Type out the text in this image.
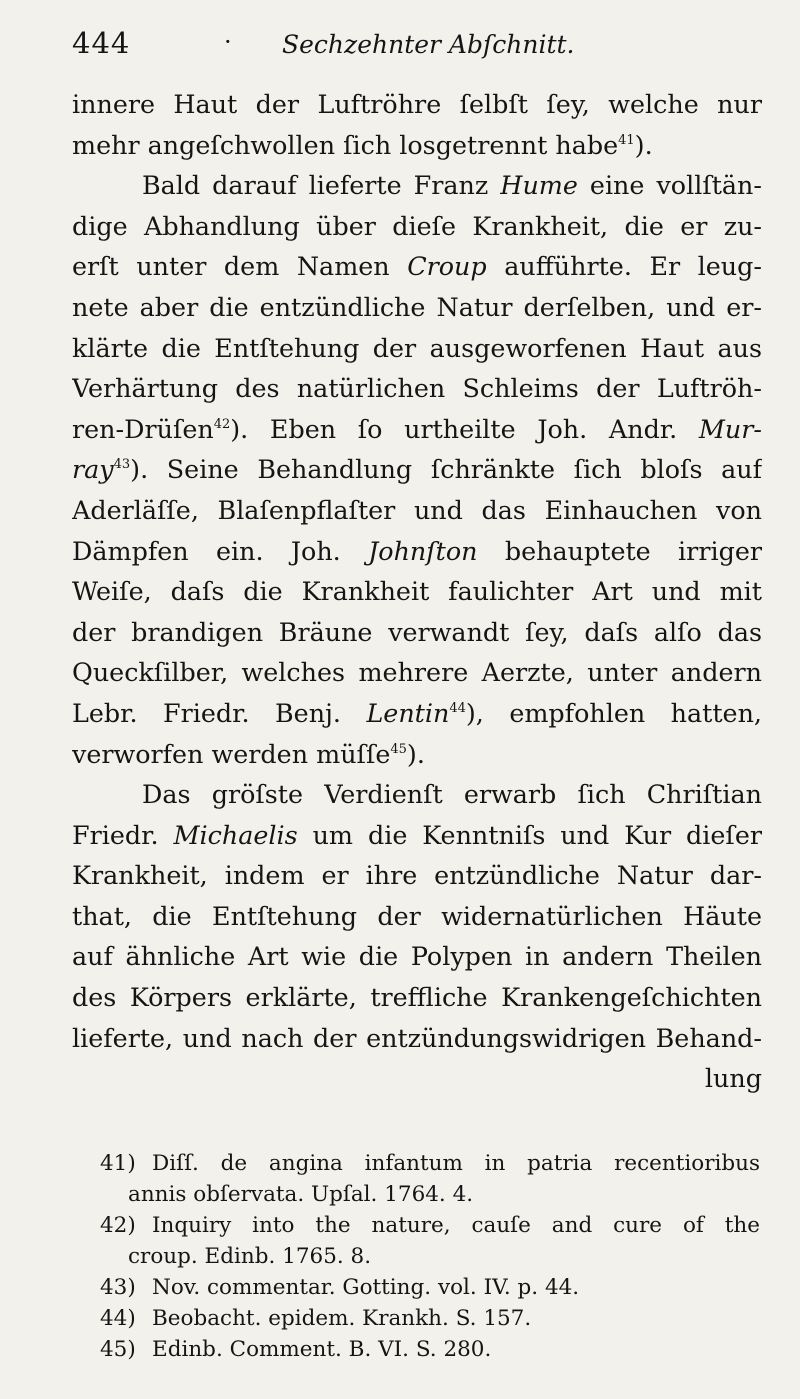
444	· Sechzehnter Abſchnitt.
innere Haut der Luftröhre ſelbſt ſey, welche nur
mehr angeſchwollen ſich losgetrennt habe$^{41}$).
Bald darauf lieferte Franz Hume eine vollſtän-
dige Abhandlung über dieſe Krankheit, die er zu-
erſt unter dem Namen Croup aufführte. Er leug-
nete aber die entzündliche Natur derſelben, und er-
klärte die Entſtehung der ausgeworfenen Haut aus
Verhärtung des natürlichen Schleims der Luftröh-
ren-Drüſen$^{42}$). Eben ſo urtheilte Joh. Andr. Mur-
ray$^{43}$). Seine Behandlung ſchränkte ſich bloſs auf
Aderläſſe, Blaſenpflaſter und das Einhauchen von
Dämpfen ein. Joh. Johnſton behauptete irriger
Weiſe, daſs die Krankheit faulichter Art und mit
der brandigen Bräune verwandt ſey, daſs alſo das
Queckſilber, welches mehrere Aerzte, unter andern
Lebr. Friedr. Benj. Lentin$^{44}$), empfohlen hatten,
verworfen werden müſſe$^{45}$).
Das gröſste Verdienſt erwarb ſich Chriſtian
Friedr. Michaelis um die Kenntniſs und Kur dieſer
Krankheit, indem er ihre entzündliche Natur dar-
that, die Entſtehung der widernatürlichen Häute
auf ähnliche Art wie die Polypen in andern Theilen
des Körpers erklärte, treffliche Krankengeſchichten
lieferte, und nach der entzündungswidrigen Behand-
lung
41) Diſſ. de angina infantum in patria recentioribus
annis obſervata. Upſal. 1764. 4.
42) Inquiry into the nature, cauſe and cure of the
croup. Edinb. 1765. 8.
43) Nov. commentar. Gotting. vol. IV. p. 44.
44) Beobacht. epidem. Krankh. S. 157.
45) Edinb. Comment. B. VI. S. 280.
